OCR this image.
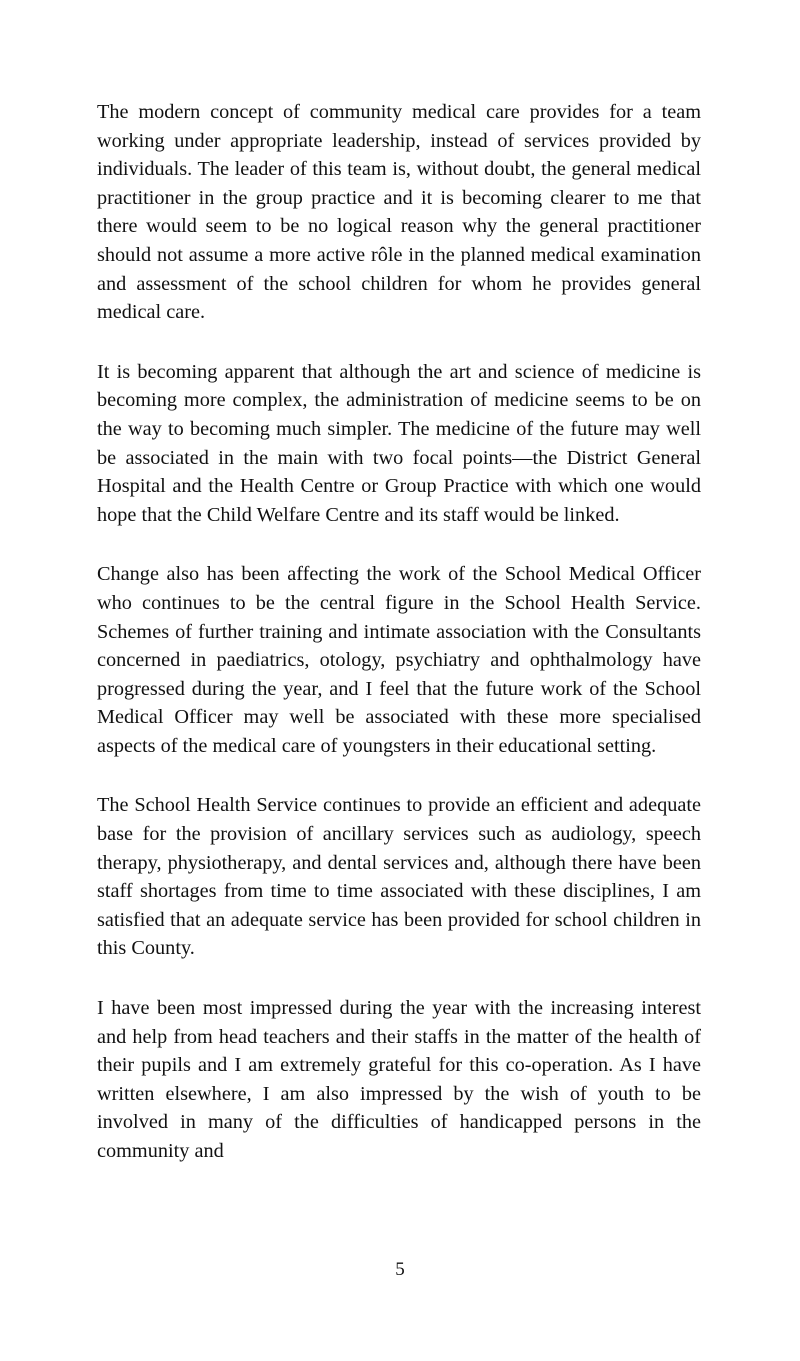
The modern concept of community medical care provides for a team working under appropriate leadership, instead of services provided by individuals. The leader of this team is, without doubt, the general medical practitioner in the group practice and it is becoming clearer to me that there would seem to be no logical reason why the general practitioner should not assume a more active rôle in the planned medical examination and assessment of the school children for whom he provides general medical care.

It is becoming apparent that although the art and science of medicine is becoming more complex, the administration of medicine seems to be on the way to becoming much simpler. The medicine of the future may well be associated in the main with two focal points—the District General Hospital and the Health Centre or Group Practice with which one would hope that the Child Welfare Centre and its staff would be linked.

Change also has been affecting the work of the School Medical Officer who continues to be the central figure in the School Health Service. Schemes of further training and intimate association with the Consultants concerned in paediatrics, otology, psychiatry and ophthalmology have progressed during the year, and I feel that the future work of the School Medical Officer may well be associated with these more specialised aspects of the medical care of youngsters in their educational setting.

The School Health Service continues to provide an efficient and adequate base for the provision of ancillary services such as audiology, speech therapy, physiotherapy, and dental services and, although there have been staff shortages from time to time associated with these disciplines, I am satisfied that an adequate service has been provided for school children in this County.

I have been most impressed during the year with the increasing interest and help from head teachers and their staffs in the matter of the health of their pupils and I am extremely grateful for this co-operation. As I have written elsewhere, I am also impressed by the wish of youth to be involved in many of the difficulties of handicapped persons in the community and

5
